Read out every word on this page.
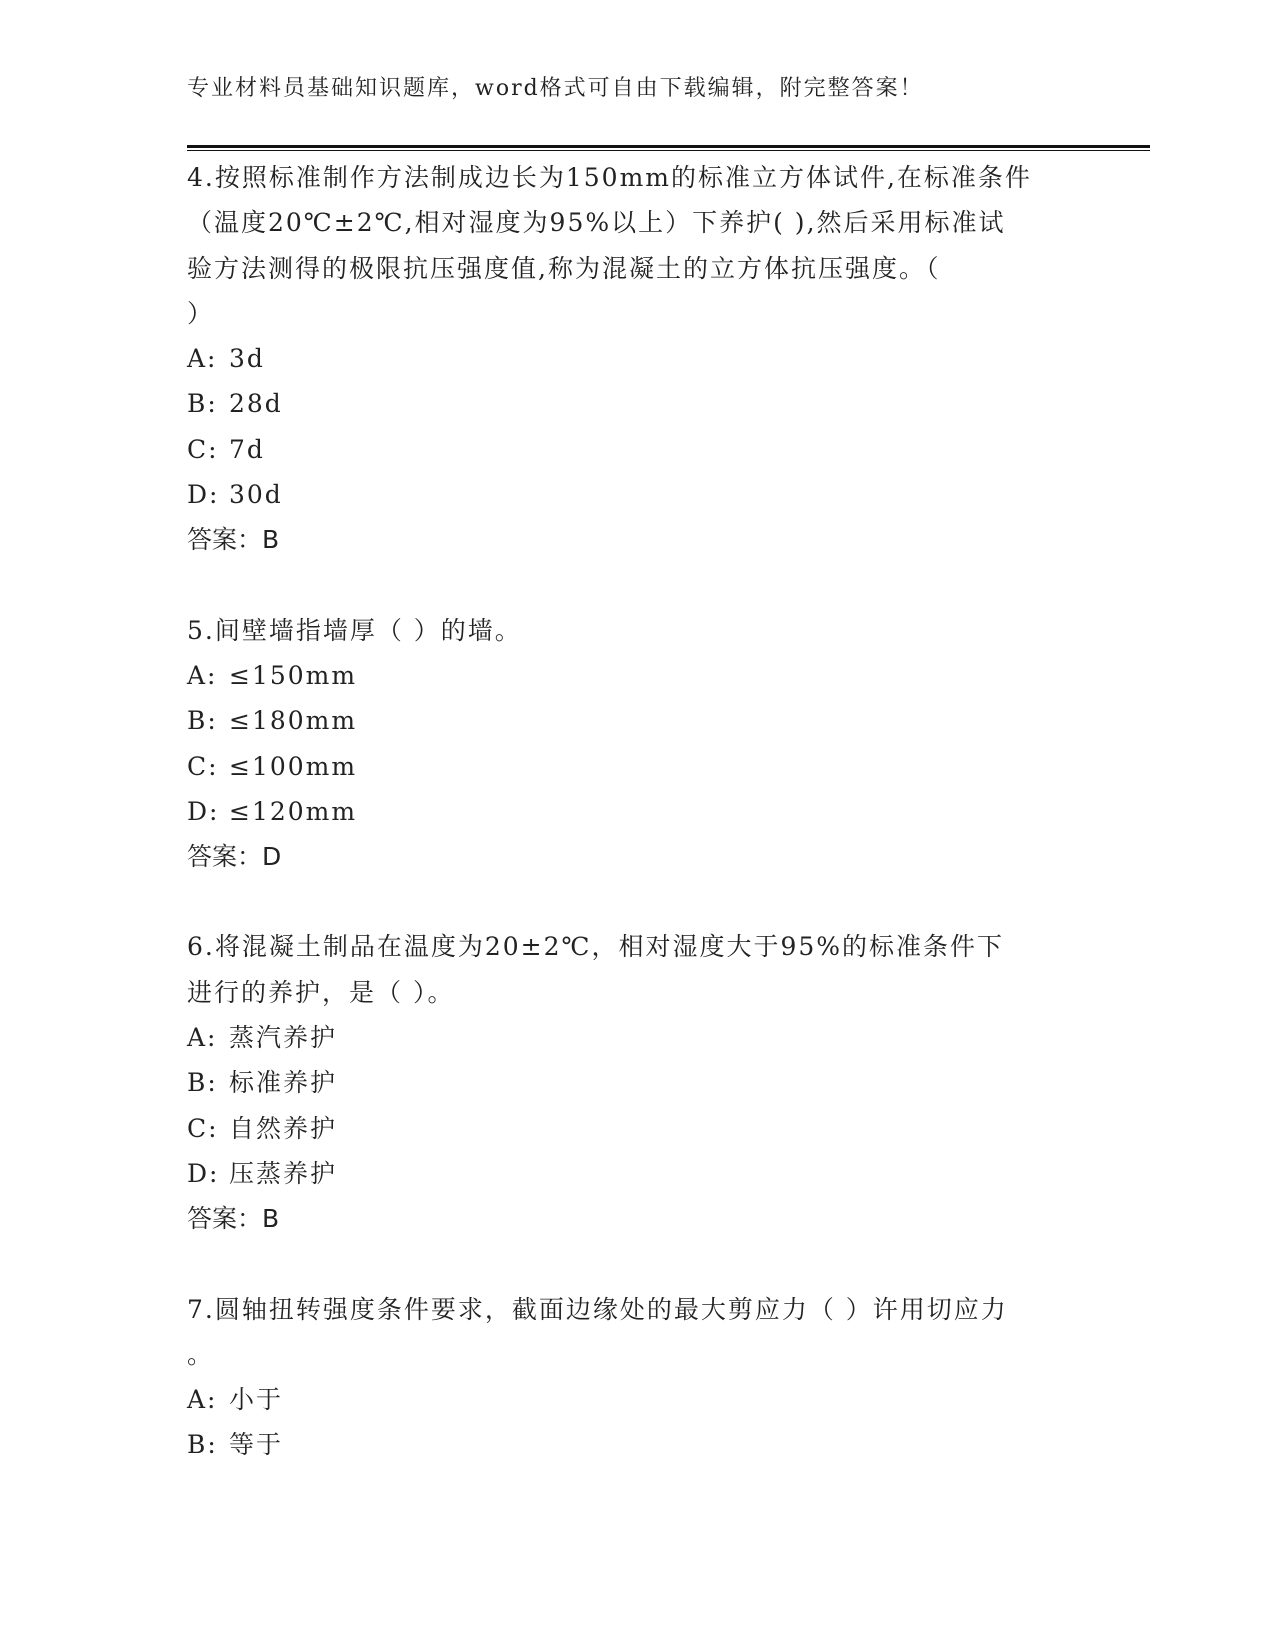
专业材料员基础知识题库，word格式可自由下载编辑，附完整答案！
4.按照标准制作方法制成边长为150mm的标准立方体试件,在标准条件
（温度20℃±2℃,相对湿度为95%以上）下养护( ),然后采用标准试
验方法测得的极限抗压强度值,称为混凝土的立方体抗压强度。（
）
A: 3d
B: 28d
C: 7d
D: 30d
答案：B
5.间壁墙指墙厚（ ）的墙。
A: ≤150mm
B: ≤180mm
C: ≤100mm
D: ≤120mm
答案：D
6.将混凝土制品在温度为20±2℃，相对湿度大于95%的标准条件下
进行的养护，是（ ）。
A: 蒸汽养护
B: 标准养护
C: 自然养护
D: 压蒸养护
答案：B
7.圆轴扭转强度条件要求，截面边缘处的最大剪应力（ ）许用切应力
。
A: 小于
B: 等于
